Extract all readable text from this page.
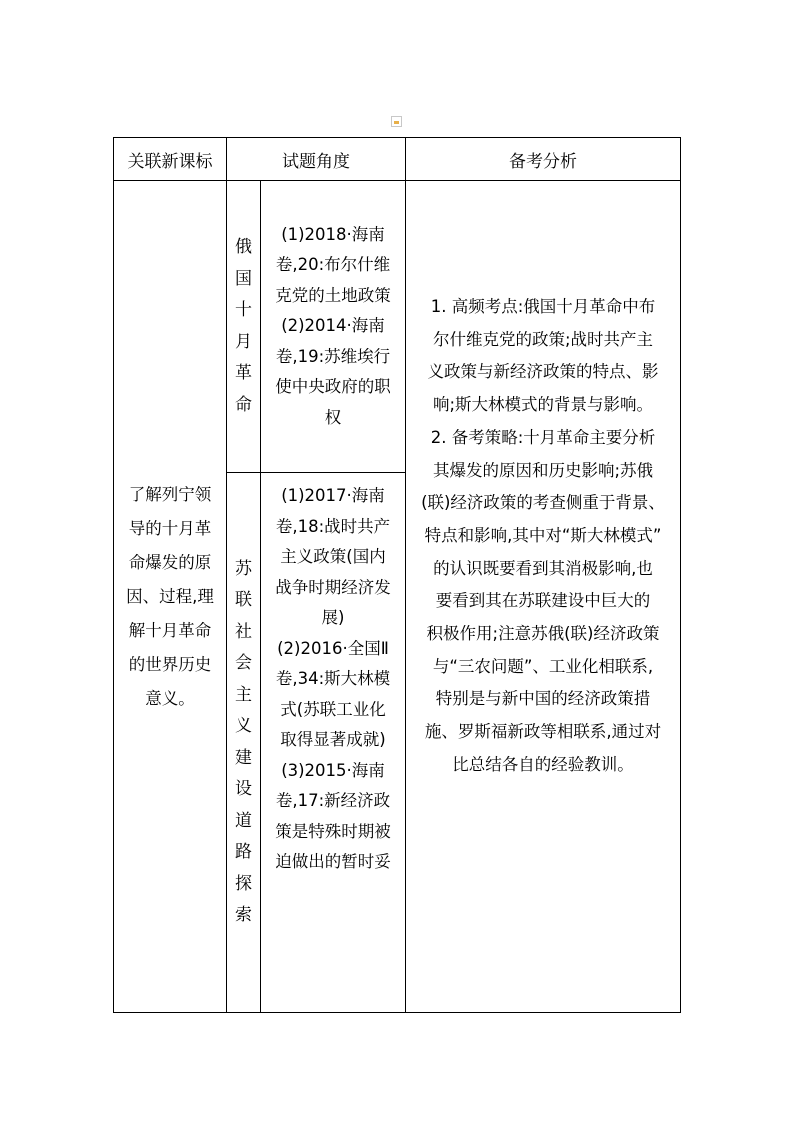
关联新课标	试题角度	备考分析
了解列宁领
导的十月革
命爆发的原
因、过程,理
解十月革命
的世界历史
意义。
俄
国
十
月
革
命
(1)2018·海南
卷,20:布尔什维
克党的土地政策
(2)2014·海南
卷,19:苏维埃行
使中央政府的职
权
苏
联
社
会
主
义
建
设
道
路
探
索
(1)2017·海南
卷,18:战时共产
主义政策(国内
战争时期经济发
展)
(2)2016·全国Ⅱ
卷,34:斯大林模
式(苏联工业化
取得显著成就)
(3)2015·海南
卷,17:新经济政
策是特殊时期被
迫做出的暂时妥
1. 高频考点:俄国十月革命中布
尔什维克党的政策;战时共产主
义政策与新经济政策的特点、影
响;斯大林模式的背景与影响。
2. 备考策略:十月革命主要分析
其爆发的原因和历史影响;苏俄
(联)经济政策的考查侧重于背景、
特点和影响,其中对“斯大林模式”
的认识既要看到其消极影响,也
要看到其在苏联建设中巨大的
积极作用;注意苏俄(联)经济政策
与“三农问题”、工业化相联系,
特别是与新中国的经济政策措
施、罗斯福新政等相联系,通过对
比总结各自的经验教训。
